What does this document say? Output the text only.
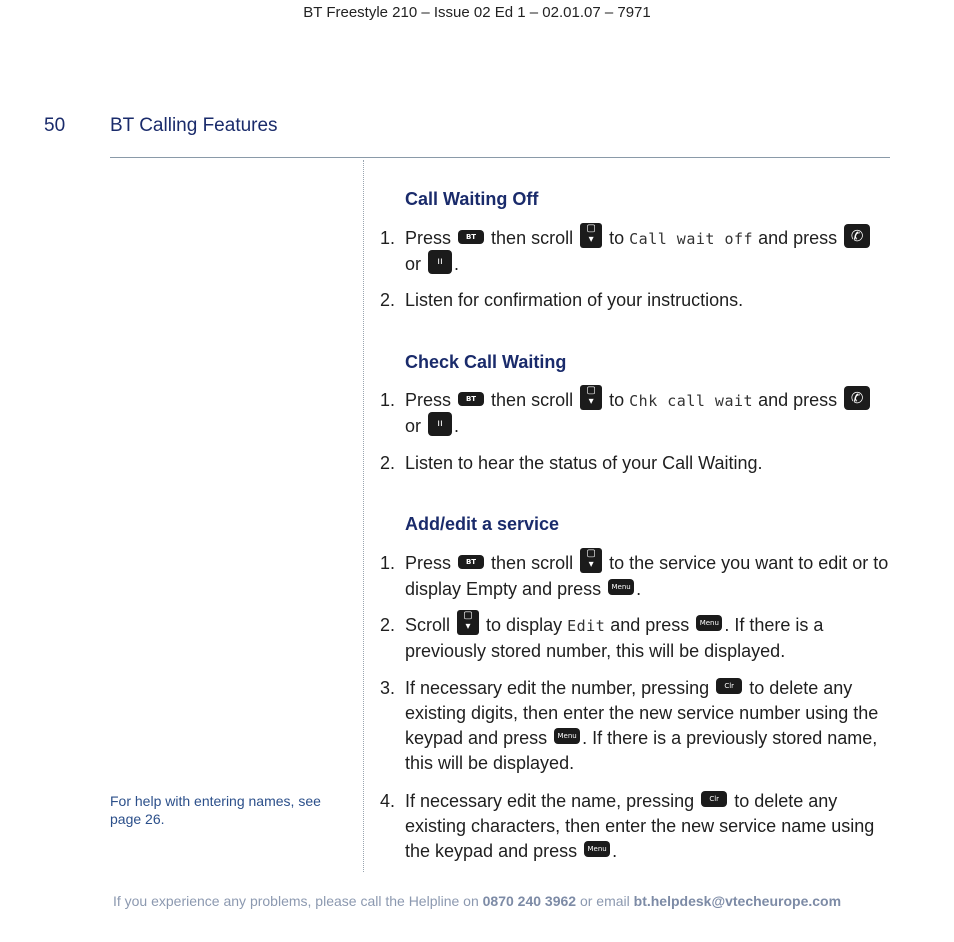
BT Freestyle 210 – Issue 02 Ed 1 – 02.01.07 – 7971
50 BT Calling Features
For help with entering names, see page 26.
Call Waiting Off
1. Press BT then scroll	▢
▾ to Call wait off and press ✆
or ıı .
2. Listen for confirmation of your instructions.
Check Call Waiting
1. Press BT then scroll	▢
▾ to Chk call wait and press ✆
or ıı .
2. Listen to hear the status of your Call Waiting.
Add/edit a service
1. Press BT then scroll	▢
▾ to the service you want to edit or to display Empty and press Menu .
2. Scroll	▢
▾ to display Edit and press Menu . If there is a previously stored number, this will be displayed.
3. If necessary edit the number, pressing Clr to delete any existing digits, then enter the new service number using the keypad and press Menu . If there is a previously stored name, this will be displayed.
4. If necessary edit the name, pressing Clr to delete any existing characters, then enter the new service name using the keypad and press Menu .
If you experience any problems, please call the Helpline on 0870 240 3962 or email bt.helpdesk@vtecheurope.com
